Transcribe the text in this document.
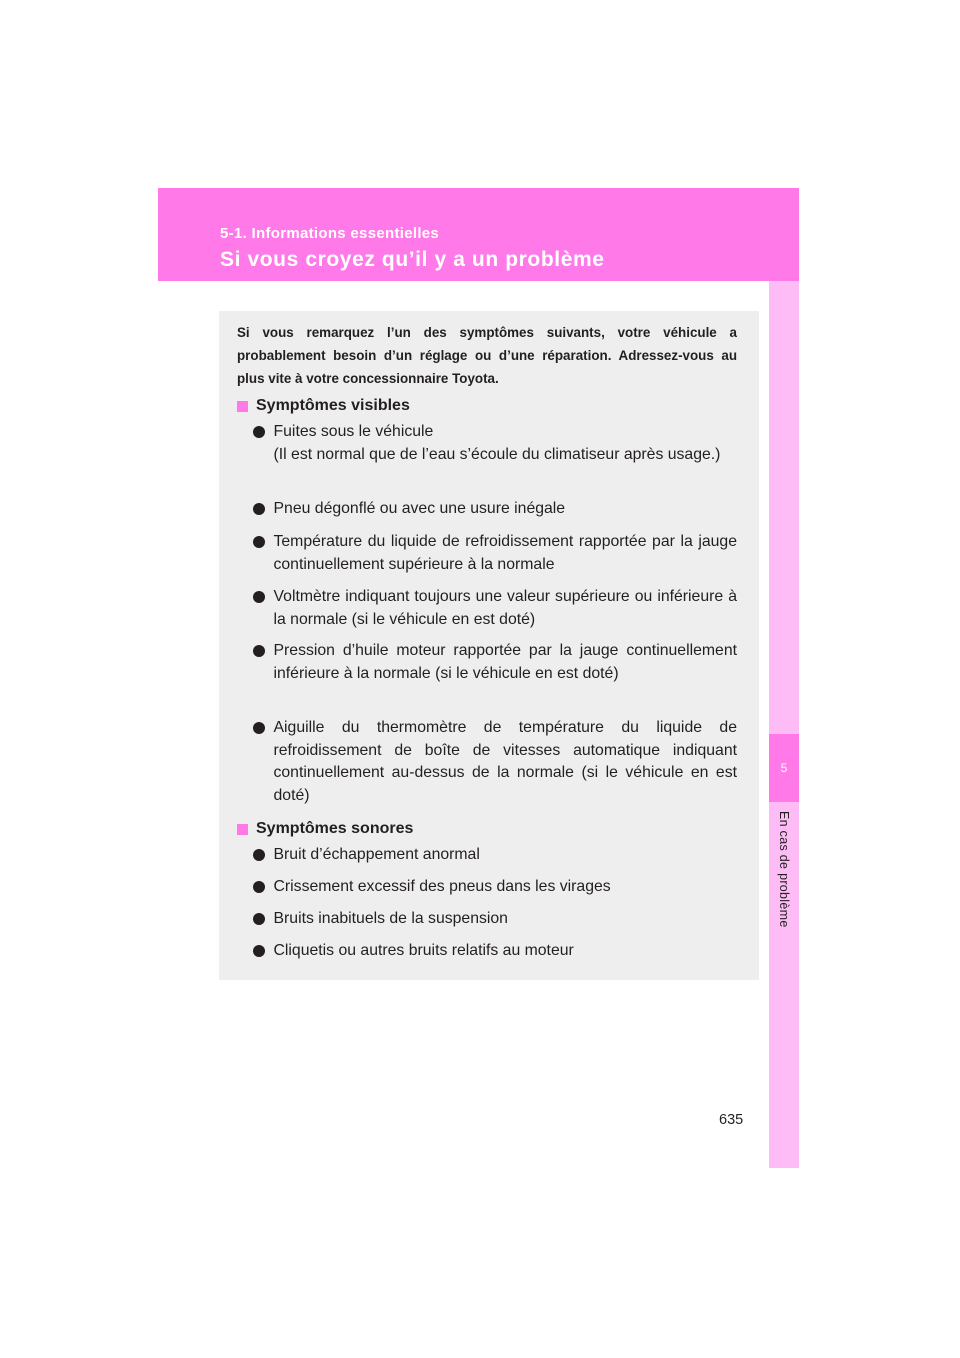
5-1. Informations essentielles
Si vous croyez qu’il y a un problème
5
En cas de problème
Si vous remarquez l’un des symptômes suivants, votre véhicule a probablement besoin d’un réglage ou d’une réparation. Adressez-vous au plus vite à votre concessionnaire Toyota.
Symptômes visibles
Fuites sous le véhicule
(Il est normal que de l’eau s’écoule du climatiseur après usage.)
Pneu dégonflé ou avec une usure inégale
Température du liquide de refroidissement rapportée par la jauge continuellement supérieure à la normale
Voltmètre indiquant toujours une valeur supérieure ou inférieure à la normale (si le véhicule en est doté)
Pression d’huile moteur rapportée par la jauge continuellement inférieure à la normale (si le véhicule en est doté)
Aiguille du thermomètre de température du liquide de refroidissement de boîte de vitesses automatique indiquant continuellement au-dessus de la normale (si le véhicule en est doté)
Symptômes sonores
Bruit d’échappement anormal
Crissement excessif des pneus dans les virages
Bruits inabituels de la suspension
Cliquetis ou autres bruits relatifs au moteur
635
